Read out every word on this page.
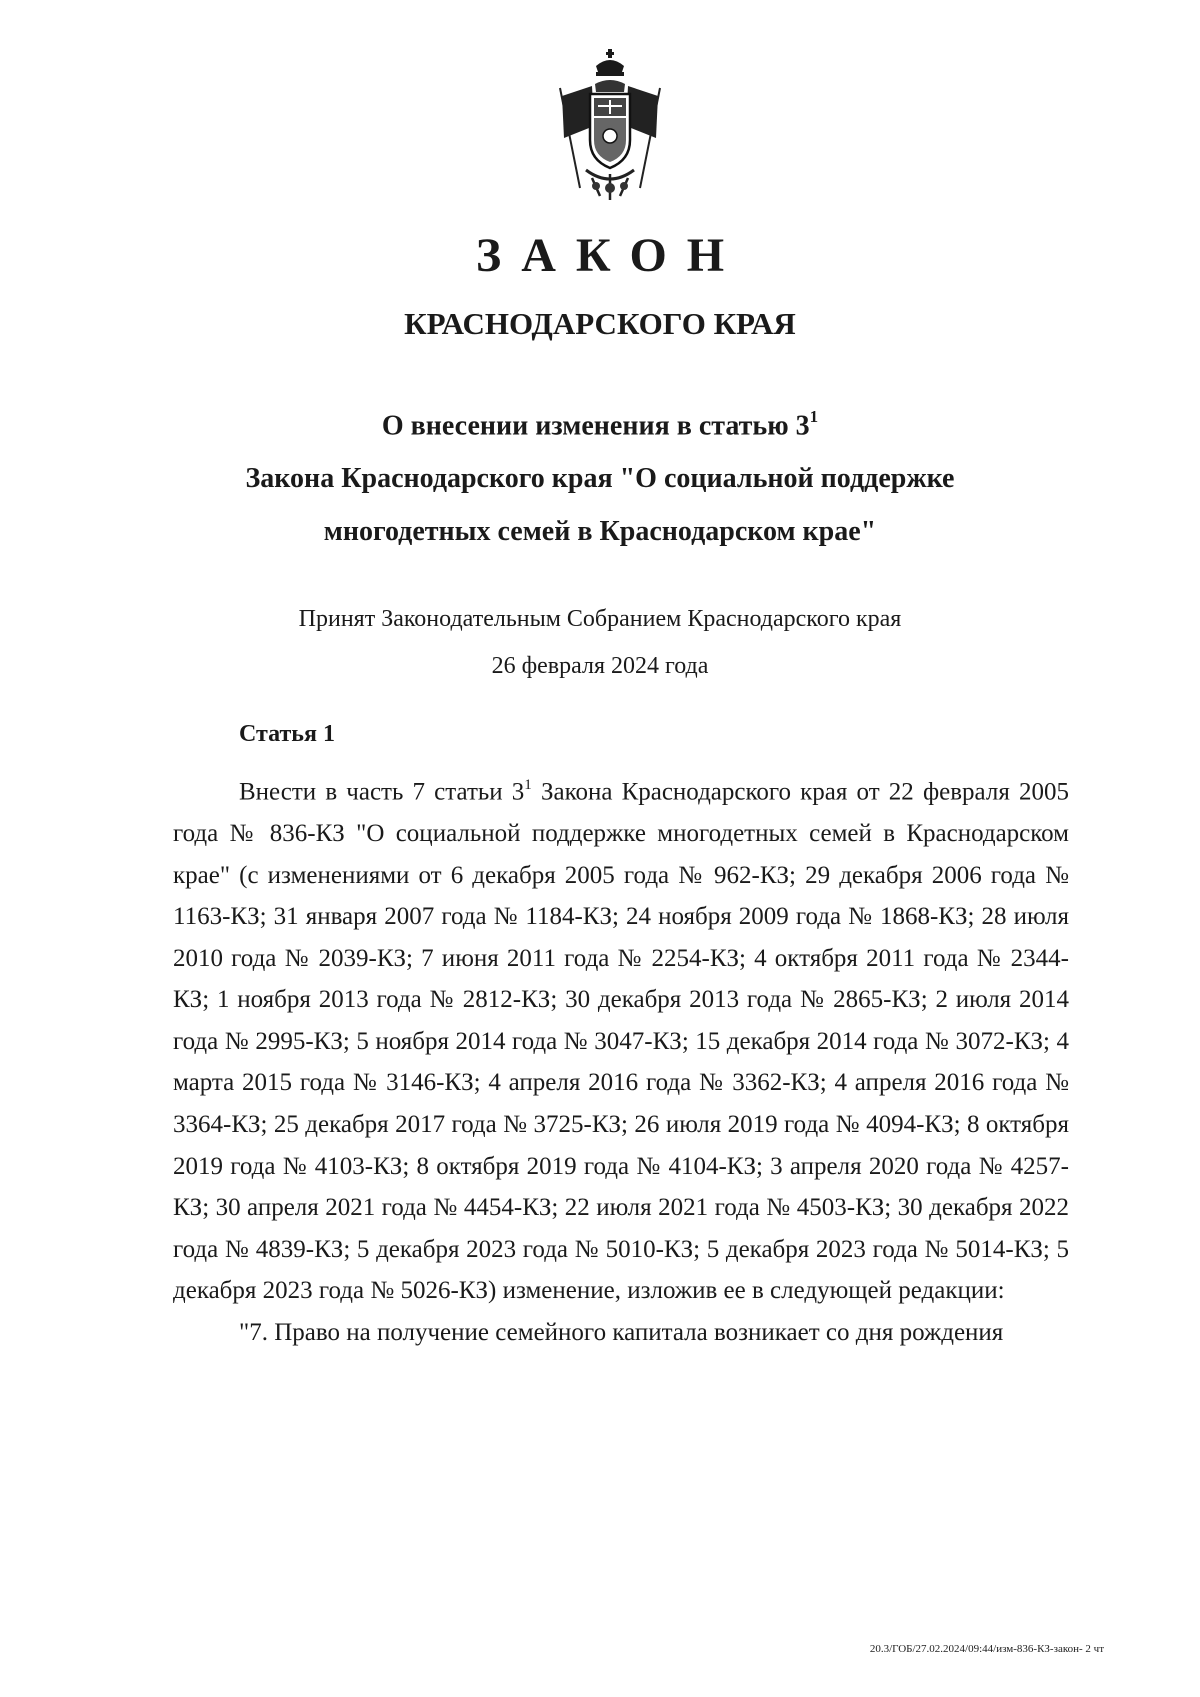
ЗАКОН
КРАСНОДАРСКОГО КРАЯ
О внесении изменения в статью $3^1$
Закона Краснодарского края "О социальной поддержке
многодетных семей в Краснодарском крае"
Принят Законодательным Собранием Краснодарского края
26 февраля 2024 года
Статья 1

Внести в часть 7 статьи $3^1$ Закона Краснодарского края от 22 февраля 2005 года № 836-КЗ "О социальной поддержке многодетных семей в Краснодарском крае" (с изменениями от 6 декабря 2005 года № 962-КЗ; 29 декабря 2006 года № 1163-КЗ; 31 января 2007 года № 1184-КЗ; 24 ноября 2009 года № 1868-КЗ; 28 июля 2010 года № 2039-КЗ; 7 июня 2011 года № 2254-КЗ; 4 октября 2011 года № 2344-КЗ; 1 ноября 2013 года № 2812-КЗ; 30 декабря 2013 года № 2865-КЗ; 2 июля 2014 года № 2995-КЗ; 5 ноября 2014 года № 3047-КЗ; 15 декабря 2014 года № 3072-КЗ; 4 марта 2015 года № 3146-КЗ; 4 апреля 2016 года № 3362-КЗ; 4 апреля 2016 года № 3364-КЗ; 25 декабря 2017 года № 3725-КЗ; 26 июля 2019 года № 4094-КЗ; 8 октября 2019 года № 4103-КЗ; 8 октября 2019 года № 4104-КЗ; 3 апреля 2020 года № 4257-КЗ; 30 апреля 2021 года № 4454-КЗ; 22 июля 2021 года № 4503-КЗ; 30 декабря 2022 года № 4839-КЗ; 5 декабря 2023 года № 5010-КЗ; 5 декабря 2023 года № 5014-КЗ; 5 декабря 2023 года № 5026-КЗ) изменение, изложив ее в следующей редакции:

"7. Право на получение семейного капитала возникает со дня рождения

20.3/ГОБ/27.02.2024/09:44/изм-836-КЗ-закон- 2 чт
